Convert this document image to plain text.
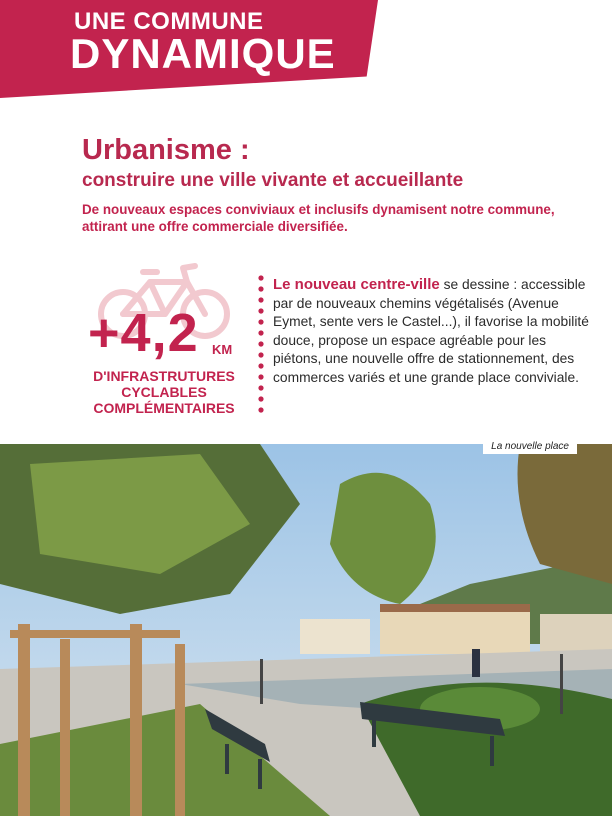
UNE COMMUNE
DYNAMIQUE
Urbanisme :
construire une ville vivante et accueillante
De nouveaux espaces conviviaux et inclusifs dynamisent notre commune, attirant une offre commerciale diversifiée.
+4,2 KM
D'INFRASTRUTURES CYCLABLES COMPLÉMENTAIRES
Le nouveau centre-ville se dessine : accessible par de nouveaux chemins végétalisés (Avenue Eymet, sente vers le Castel...), il favorise la mobilité douce, propose un espace agréable pour les piétons, une nouvelle offre de stationnement, des commerces variés et une grande place conviviale.
La nouvelle place
